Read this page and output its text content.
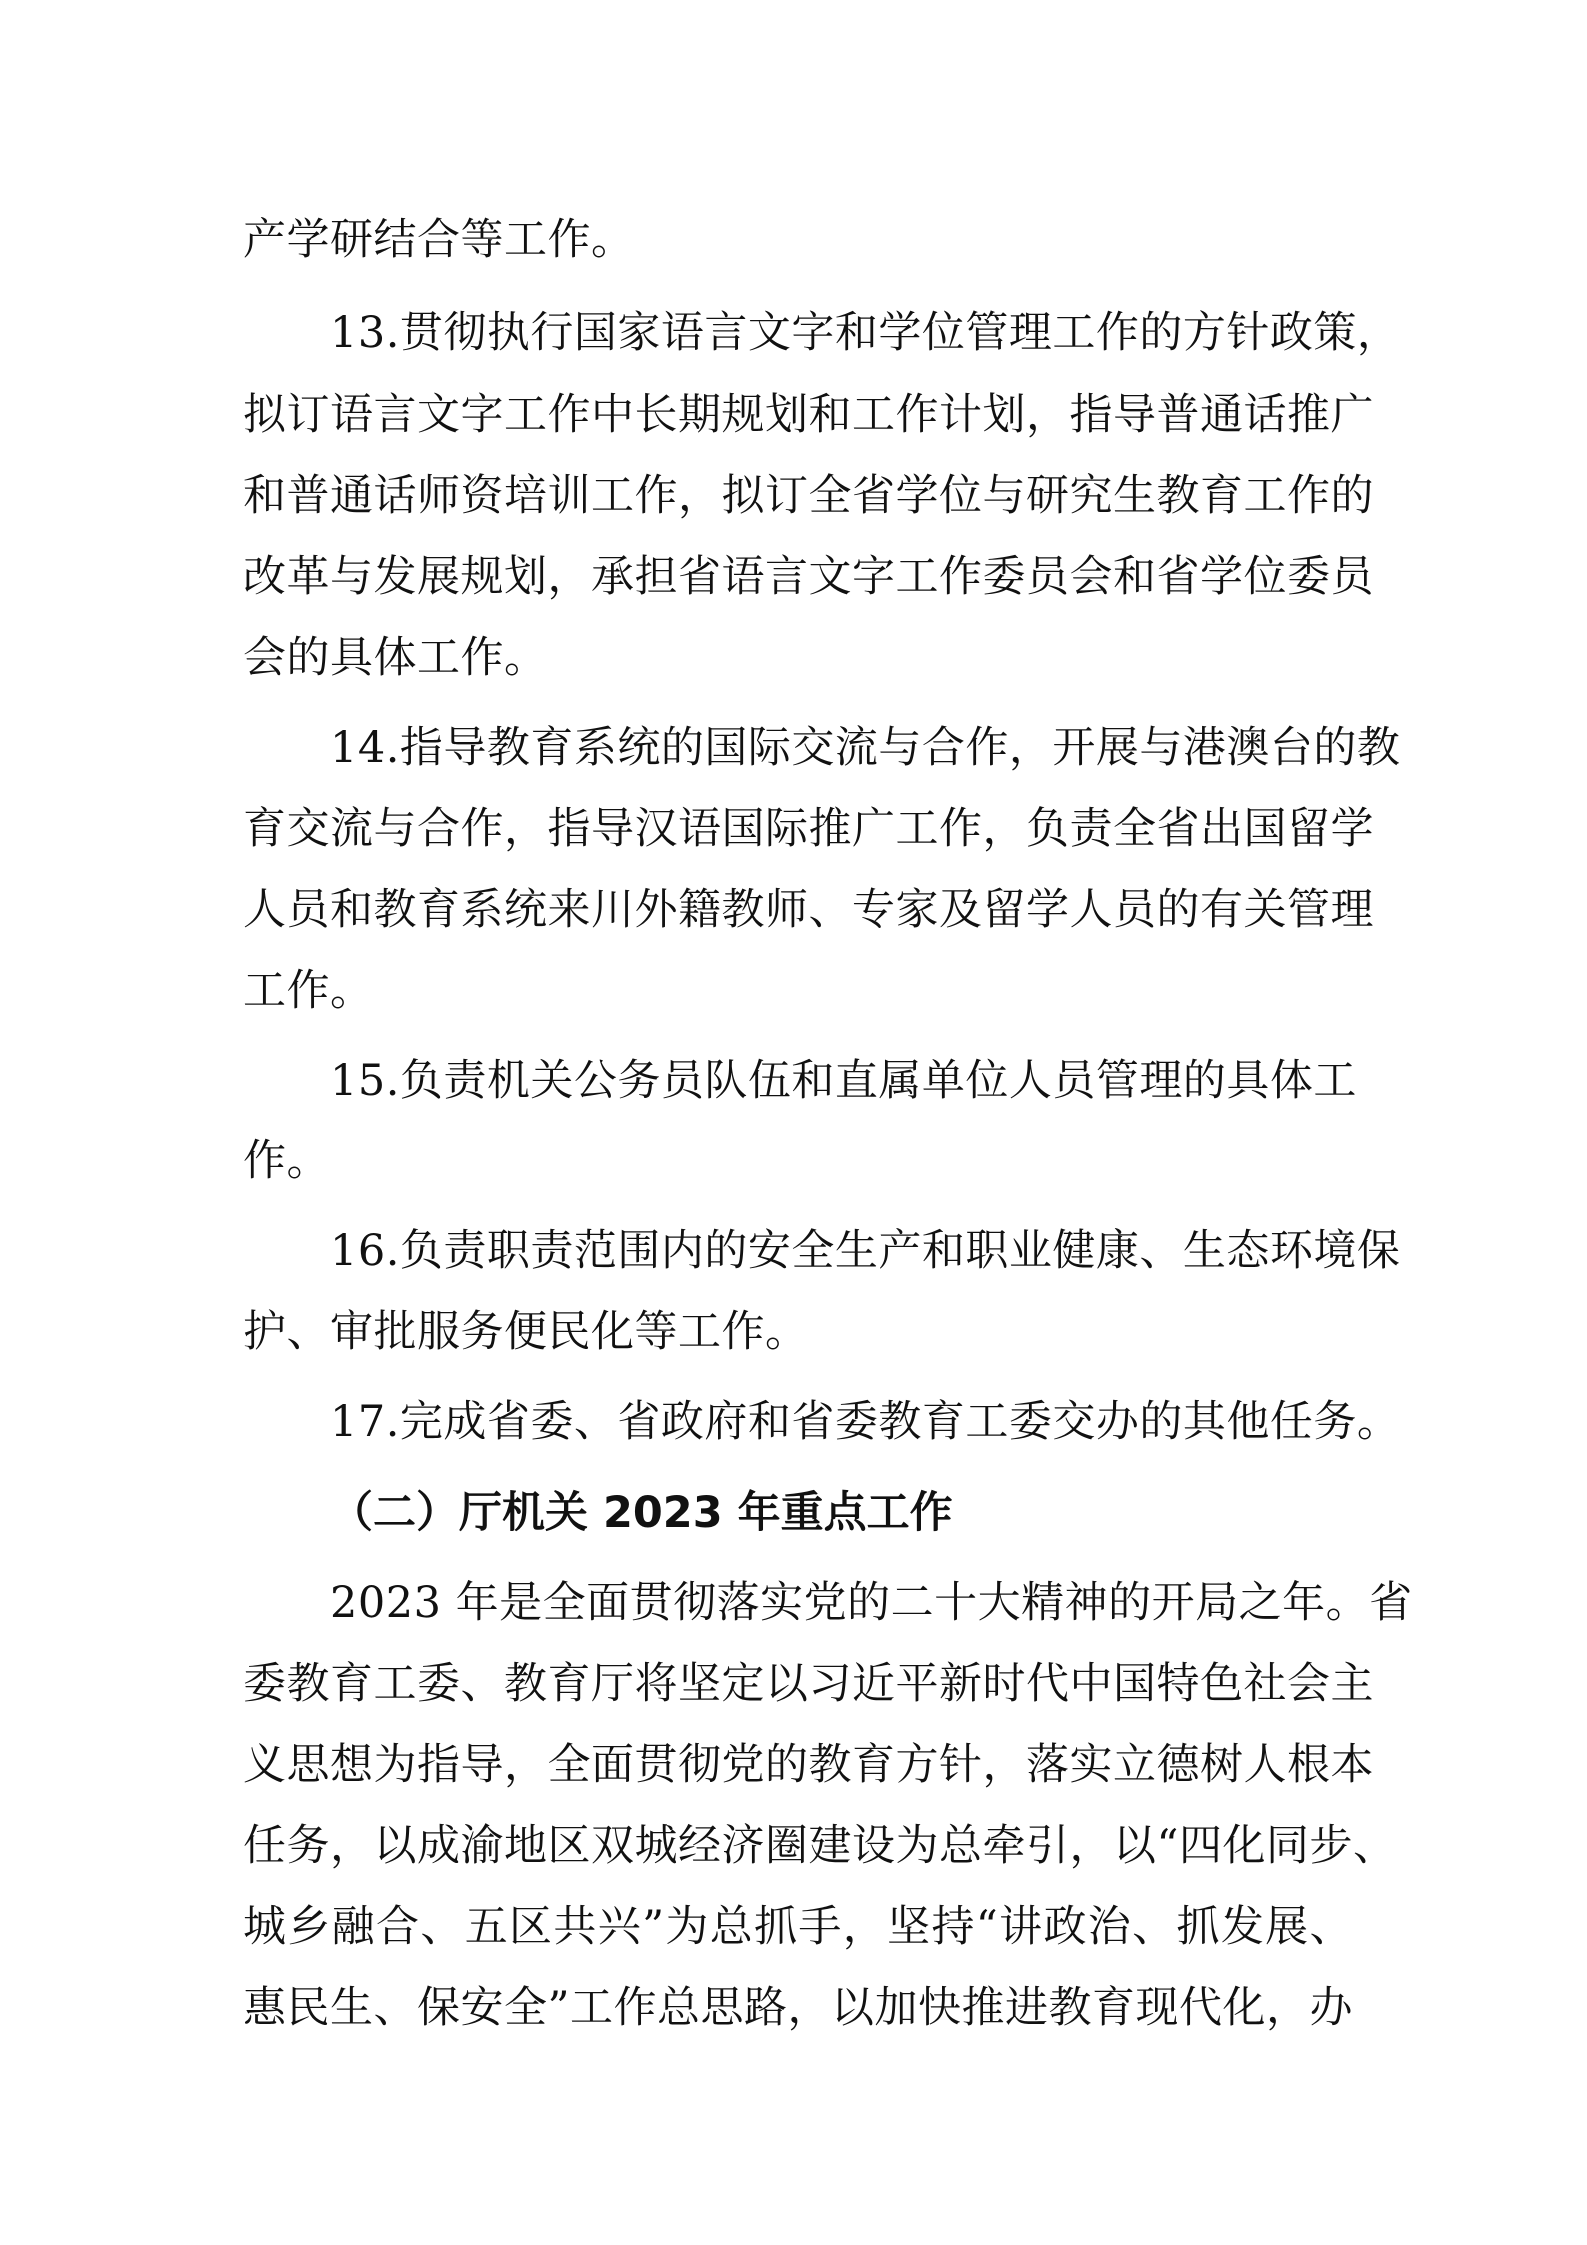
产学研结合等工作。
13.贯彻执行国家语言文字和学位管理工作的方针政策，
拟订语言文字工作中长期规划和工作计划，指导普通话推广
和普通话师资培训工作，拟订全省学位与研究生教育工作的
改革与发展规划，承担省语言文字工作委员会和省学位委员
会的具体工作。
14.指导教育系统的国际交流与合作，开展与港澳台的教
育交流与合作，指导汉语国际推广工作，负责全省出国留学
人员和教育系统来川外籍教师、专家及留学人员的有关管理
工作。
15.负责机关公务员队伍和直属单位人员管理的具体工
作。
16.负责职责范围内的安全生产和职业健康、生态环境保
护、审批服务便民化等工作。
17.完成省委、省政府和省委教育工委交办的其他任务。
（二）厅机关 2023 年重点工作
2023 年是全面贯彻落实党的二十大精神的开局之年。省
委教育工委、教育厅将坚定以习近平新时代中国特色社会主
义思想为指导，全面贯彻党的教育方针，落实立德树人根本
任务，以成渝地区双城经济圈建设为总牵引，以“四化同步、
城乡融合、五区共兴”为总抓手，坚持“讲政治、抓发展、
惠民生、保安全”工作总思路，以加快推进教育现代化，办
